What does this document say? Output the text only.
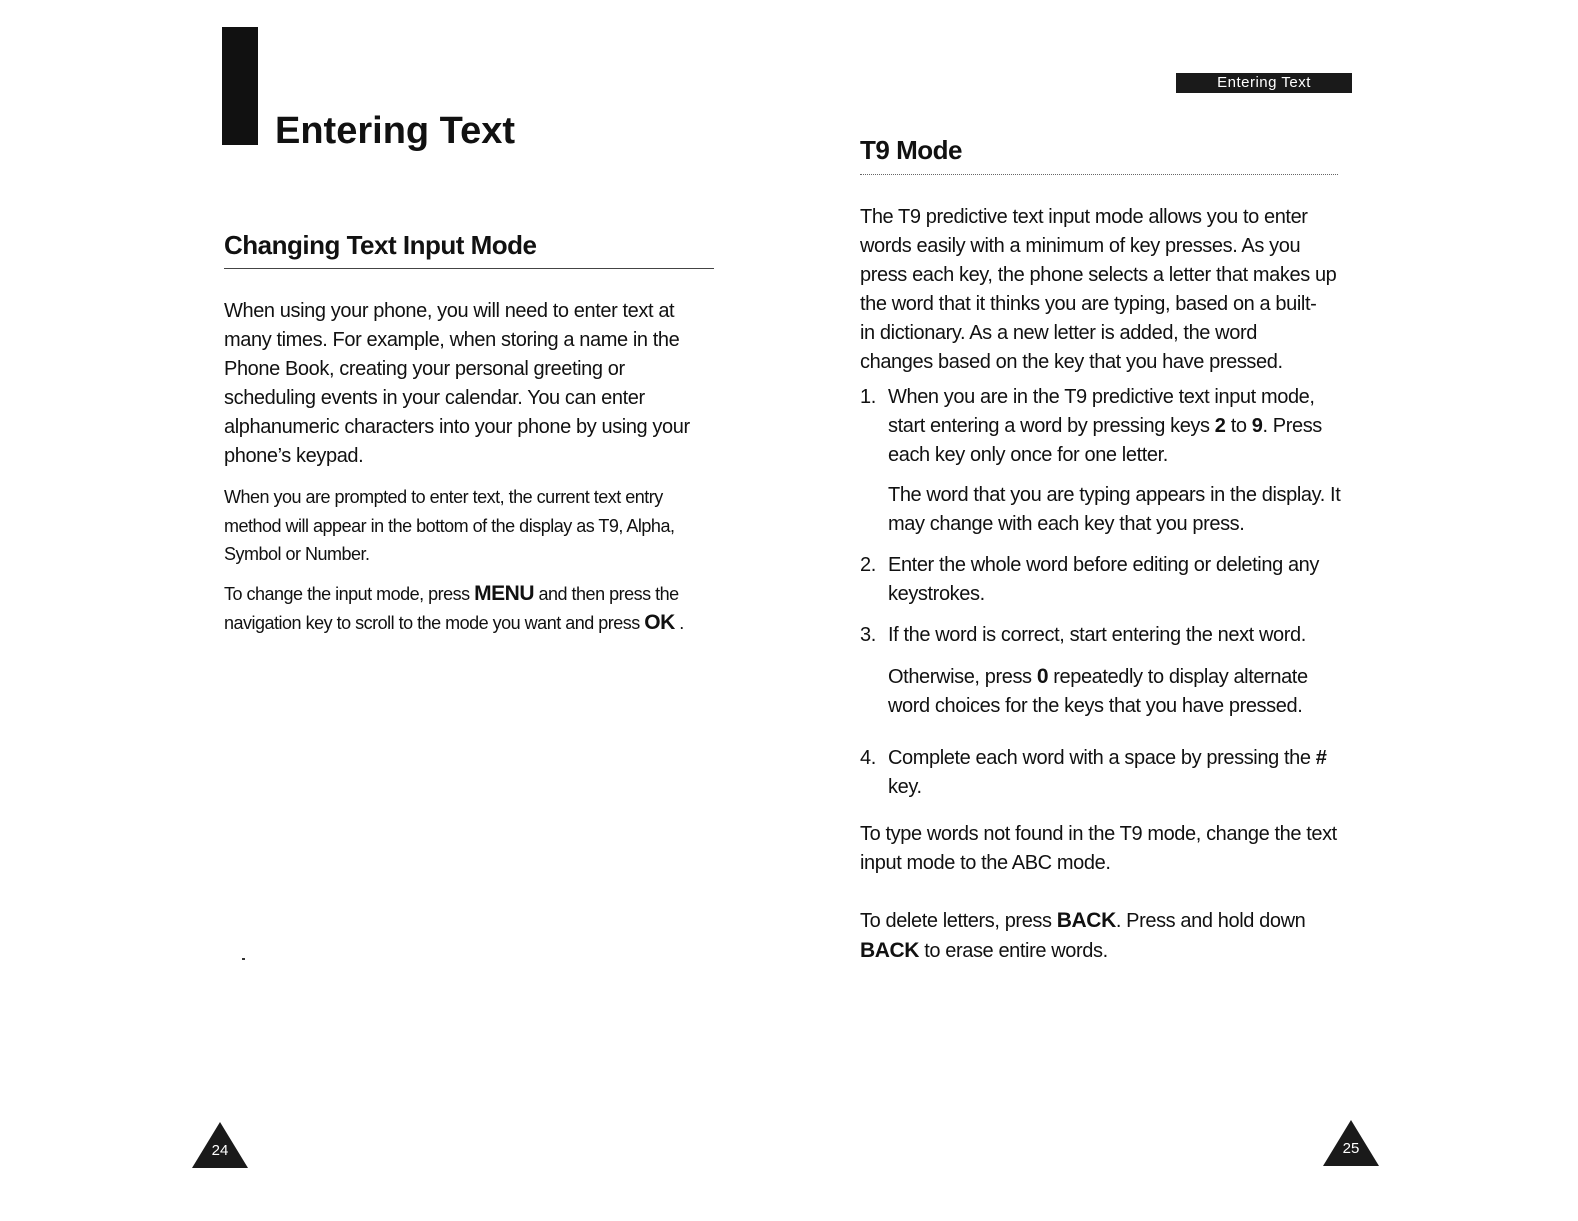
Entering Text
Changing Text Input Mode
When using your phone, you will need to enter text at
many times. For example, when storing a name in the
Phone Book, creating your personal greeting or
scheduling events in your calendar. You can enter
alphanumeric characters into your phone by using your
phone’s keypad.
When you are prompted to enter text, the current text entry
method will appear in the bottom of the display as T9, Alpha,
Symbol or Number.
To change the input mode, press MENU and then press the
navigation key to scroll to the mode you want and press OK .
24
Entering Text
T9 Mode
The T9 predictive text input mode allows you to enter
words easily with a minimum of key presses. As you
press each key, the phone selects a letter that makes up
the word that it thinks you are typing, based on a built-
in dictionary. As a new letter is added, the word
changes based on the key that you have pressed.
1. When you are in the T9 predictive text input mode,
start entering a word by pressing keys 2 to 9. Press
each key only once for one letter.
The word that you are typing appears in the display. It
may change with each key that you press.
2. Enter the whole word before editing or deleting any
keystrokes.
3. If the word is correct, start entering the next word.
Otherwise, press 0 repeatedly to display alternate
word choices for the keys that you have pressed.
4. Complete each word with a space by pressing the #
key.
To type words not found in the T9 mode, change the text
input mode to the ABC mode.
To delete letters, press BACK. Press and hold down
BACK to erase entire words.
25
